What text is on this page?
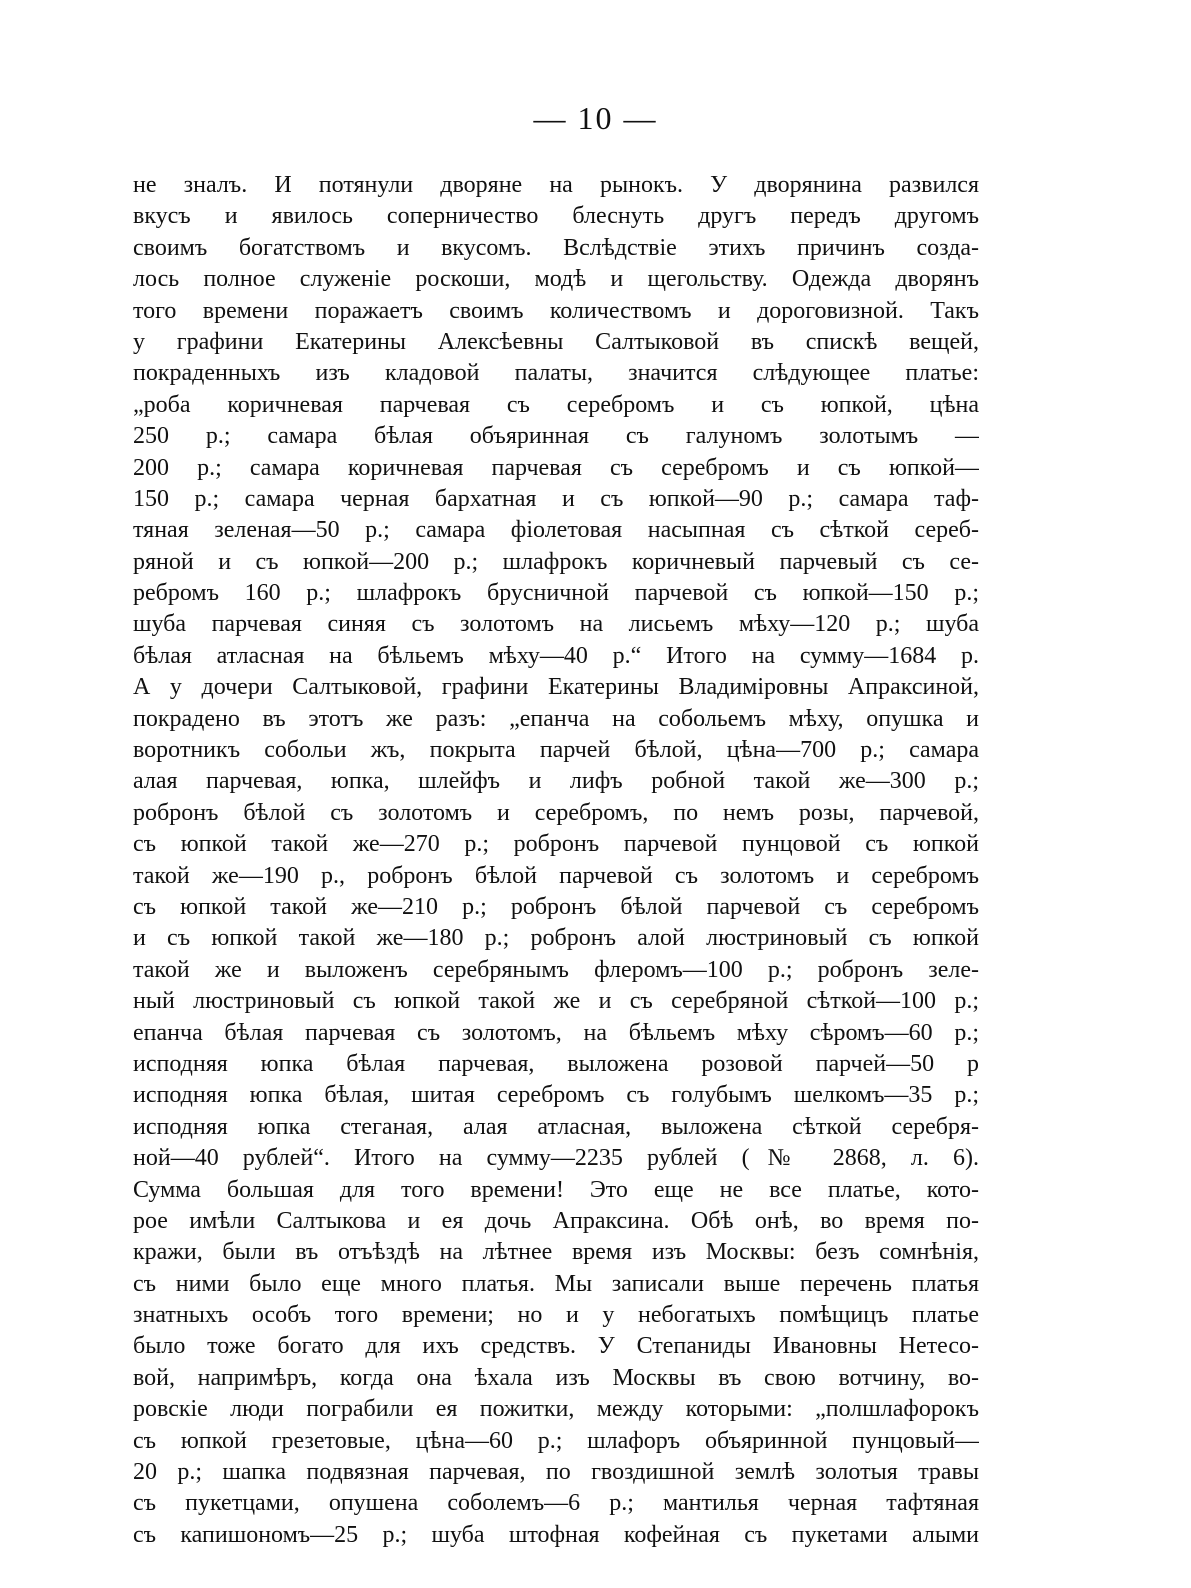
— 10 —
не зналъ. И потянули дворяне на рынокъ. У дворянина развился
вкусъ и явилось соперничество блеснуть другъ передъ другомъ
своимъ богатствомъ и вкусомъ. Вслѣдствіе этихъ причинъ созда-
лось полное служеніе роскоши, модѣ и щегольству. Одежда дворянъ
того времени поражаетъ своимъ количествомъ и дороговизной. Такъ
у графини Екатерины Алексѣевны Салтыковой въ спискѣ вещей,
покраденныхъ изъ кладовой палаты, значится слѣдующее платье:
„роба коричневая парчевая съ серебромъ и съ юпкой, цѣна
250 р.; самара бѣлая объяринная съ галуномъ золотымъ —
200 р.; самара коричневая парчевая съ серебромъ и съ юпкой—
150 р.; самара черная бархатная и съ юпкой—90 р.; самара таф-
тяная зеленая—50 р.; самара фіолетовая насыпная съ сѣткой сереб-
ряной и съ юпкой—200 р.; шлафрокъ коричневый парчевый съ се-
ребромъ 160 р.; шлафрокъ брусничной парчевой съ юпкой—150 р.;
шуба парчевая синяя съ золотомъ на лисьемъ мѣху—120 р.; шуба
бѣлая атласная на бѣльемъ мѣху—40 р.“ Итого на сумму—1684 р.
А у дочери Салтыковой, графини Екатерины Владиміровны Апраксиной,
покрадено въ этотъ же разъ: „епанча на собольемъ мѣху, опушка и
воротникъ собольи жъ, покрыта парчей бѣлой, цѣна—700 р.; самара
алая парчевая, юпка, шлейфъ и лифъ робной такой же—300 р.;
робронъ бѣлой съ золотомъ и серебромъ, по немъ розы, парчевой,
съ юпкой такой же—270 р.; робронъ парчевой пунцовой съ юпкой
такой же—190 р., робронъ бѣлой парчевой съ золотомъ и серебромъ
съ юпкой такой же—210 р.; робронъ бѣлой парчевой съ серебромъ
и съ юпкой такой же—180 р.; робронъ алой люстриновый съ юпкой
такой же и выложенъ серебрянымъ флеромъ—100 р.; робронъ зеле-
ный люстриновый съ юпкой такой же и съ серебряной сѣткой—100 р.;
епанча бѣлая парчевая съ золотомъ, на бѣльемъ мѣху сѣромъ—60 р.;
исподняя юпка бѣлая парчевая, выложена розовой парчей—50 р
исподняя юпка бѣлая, шитая серебромъ съ голубымъ шелкомъ—35 р.;
исподняя юпка стеганая, алая атласная, выложена сѣткой серебря-
ной—40 рублей“. Итого на сумму—2235 рублей (№ 2868, л. 6).
Сумма большая для того времени! Это еще не все платье, кото-
рое имѣли Салтыкова и ея дочь Апраксина. Обѣ онѣ, во время по-
кражи, были въ отъѣздѣ на лѣтнее время изъ Москвы: безъ сомнѣнія,
съ ними было еще много платья. Мы записали выше перечень платья
знатныхъ особъ того времени; но и у небогатыхъ помѣщицъ платье
было тоже богато для ихъ средствъ. У Степаниды Ивановны Нетесо-
вой, напримѣръ, когда она ѣхала изъ Москвы въ свою вотчину, во-
ровскіе люди пограбили ея пожитки, между которыми: „полшлафорокъ
съ юпкой грезетовые, цѣна—60 р.; шлафоръ объяринной пунцовый—
20 р.; шапка подвязная парчевая, по гвоздишной землѣ золотыя травы
съ пукетцами, опушена соболемъ—6 р.; мантилья черная тафтяная
съ капишономъ—25 р.; шуба штофная кофейная съ пукетами алыми
